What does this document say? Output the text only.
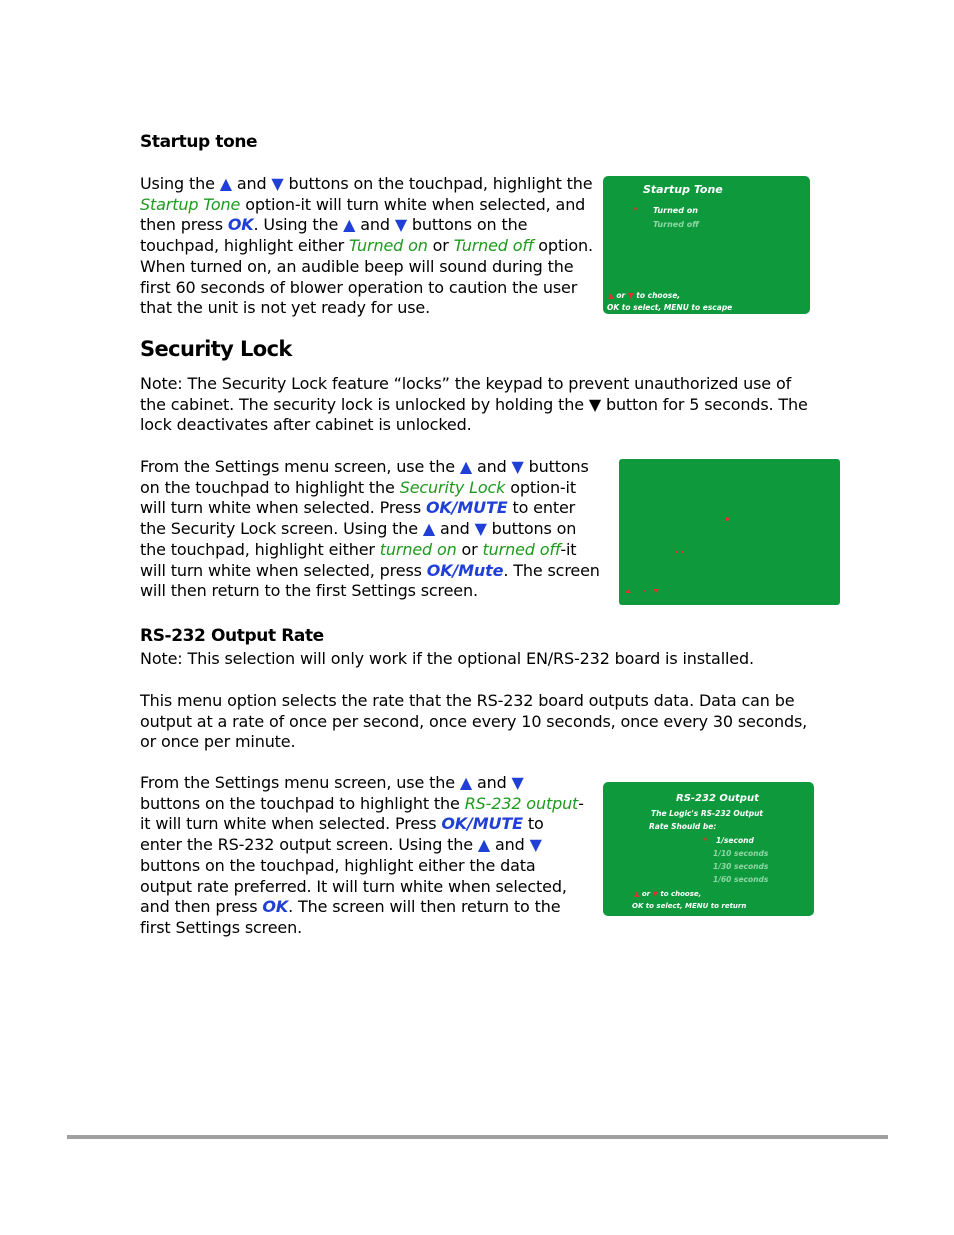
Startup tone

Using the ▲ and ▼ buttons on the touchpad, highlight the Startup Tone option-it will turn white when selected, and then press OK. Using the ▲ and ▼ buttons on the touchpad, highlight either Turned on or Turned off option. When turned on, an audible beep will sound during the first 60 seconds of blower operation to caution the user that the unit is not yet ready for use.

Startup Tone
* Turned on
Turned off
▲ or ▼ to choose,
OK to select, MENU to escape
Security Lock

Note: The Security Lock feature “locks” the keypad to prevent unauthorized use of the cabinet. The security lock is unlocked by holding the ▼ button for 5 seconds. The lock deactivates after cabinet is unlocked.

From the Settings menu screen, use the ▲ and ▼ buttons on the touchpad to highlight the Security Lock option-it will turn white when selected. Press OK/MUTE to enter the Security Lock screen. Using the ▲ and ▼ buttons on the touchpad, highlight either turned on or turned off-it will turn white when selected, press OK/Mute. The screen will then return to the first Settings screen.

RS-232 Output Rate

Note: This selection will only work if the optional EN/RS-232 board is installed.

This menu option selects the rate that the RS-232 board outputs data. Data can be output at a rate of once per second, once every 10 seconds, once every 30 seconds, or once per minute.

From the Settings menu screen, use the ▲ and ▼ buttons on the touchpad to highlight the RS-232 output-it will turn white when selected. Press OK/MUTE to enter the RS-232 output screen. Using the ▲ and ▼ buttons on the touchpad, highlight either the data output rate preferred. It will turn white when selected, and then press OK. The screen will then return to the first Settings screen.

RS-232 Output
The Logic's RS-232 Output
Rate Should be:
* 1/second
1/10 seconds
1/30 seconds
1/60 seconds
▲ or ▼ to choose,
OK to select, MENU to return
